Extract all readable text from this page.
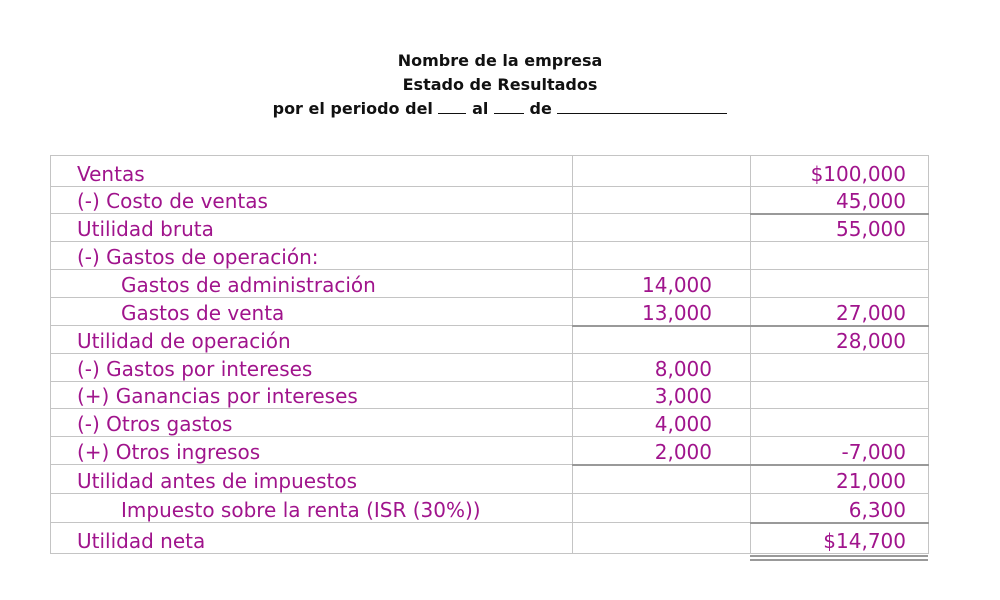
Nombre de la empresa
Estado de Resultados
por el periodo del al	de
Ventas		$100,000
(-) Costo de ventas		45,000
Utilidad bruta		55,000
(-) Gastos de operación:		
Gastos de administración	14,000	
Gastos de venta	13,000	27,000
Utilidad de operación		28,000
(-) Gastos por intereses	8,000	
(+) Ganancias por intereses	3,000	
(-) Otros gastos	4,000	
(+) Otros ingresos	2,000	-7,000
Utilidad antes de impuestos		21,000
Impuesto sobre la renta (ISR (30%))		6,300
Utilidad neta		$14,700
